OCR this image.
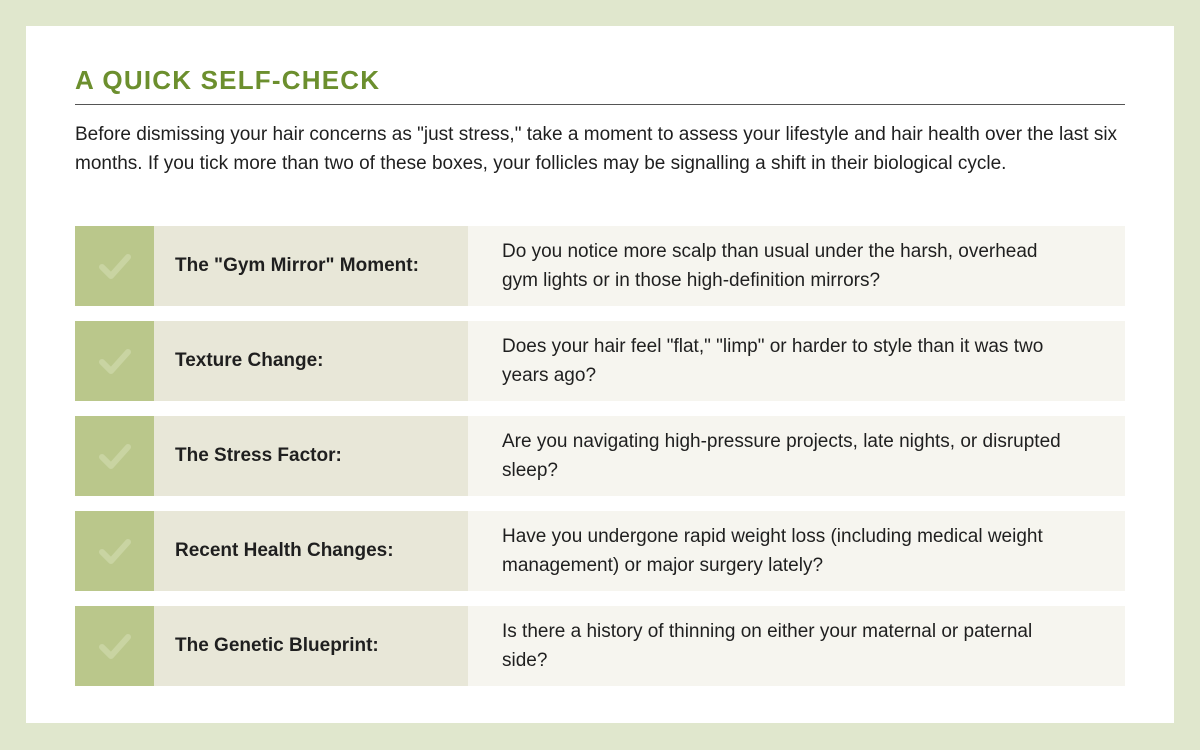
A QUICK SELF-CHECK

Before dismissing your hair concerns as "just stress," take a moment to assess your lifestyle and hair health over the last six months. If you tick more than two of these boxes, your follicles may be signalling a shift in their biological cycle.

The "Gym Mirror" Moment:
Do you notice more scalp than usual under the harsh, overhead gym lights or in those high-definition mirrors?
Texture Change:
Does your hair feel "flat," "limp" or harder to style than it was two years ago?
The Stress Factor:
Are you navigating high-pressure projects, late nights, or disrupted sleep?
Recent Health Changes:
Have you undergone rapid weight loss (including medical weight management) or major surgery lately?
The Genetic Blueprint:
Is there a history of thinning on either your maternal or paternal side?
